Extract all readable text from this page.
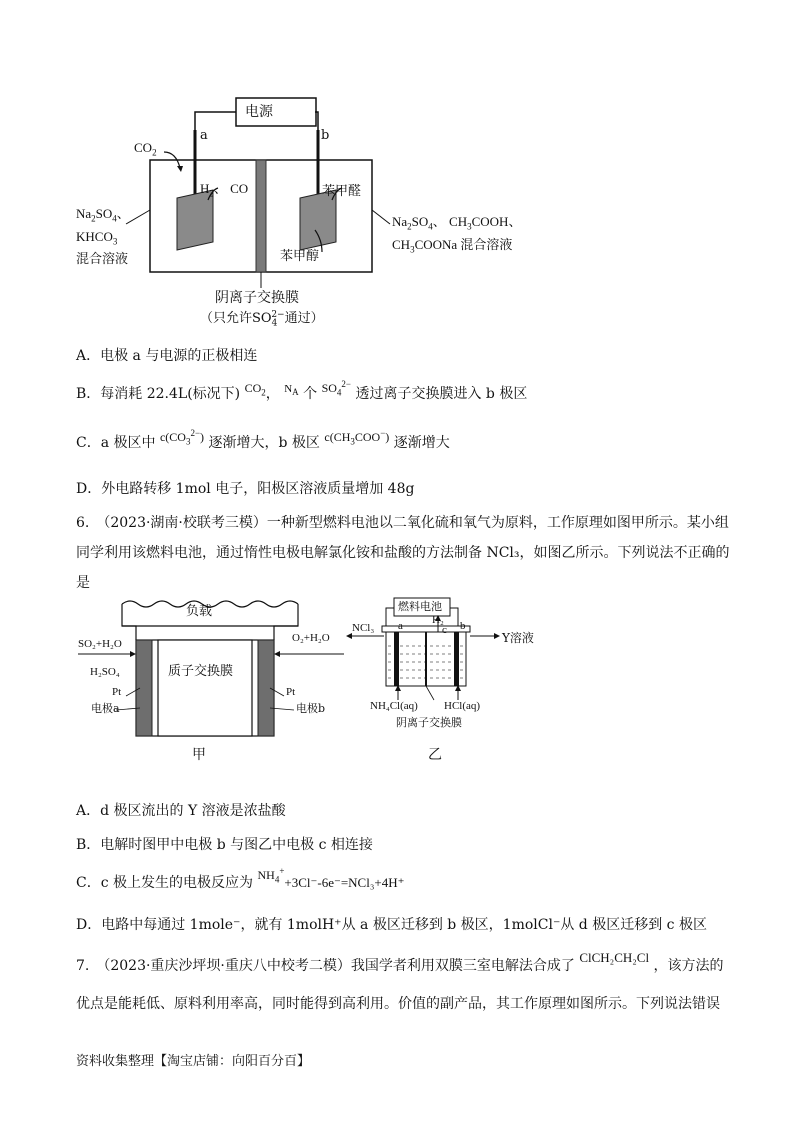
电源
a	b
$CO_2$
$H_2$、 CO	苯甲醛
苯甲醇
$Na_2SO_4$、
$KHCO_3$
混合溶液
$Na_2SO_4$、 $CH_3COOH$、
$CH_3COONa$ 混合溶液
阴离子交换膜
（只允许$SO_4^{2-}$通过）
A．电极 a 与电源的正极相连
B．每消耗 22.4L(标况下) $CO_2$， $^{N_A}$ 个 $SO_4^{2-}$ 透过离子交换膜进入 b 极区
C．a 极区中 $c(CO_3^{2-})$ 逐渐增大，b 极区 $c(CH_3COO^-)$ 逐渐增大
D．外电路转移 1mol 电子，阳极区溶液质量增加 48g
6.　（2023·湖南·校联考三模）一种新型燃料电池以二氧化硫和氧气为原料，工作原理如图甲所示。某小组
同学利用该燃料电池，通过惰性电极电解氯化铵和盐酸的方法制备 NCl₃，如图乙所示。下列说法不正确的
是
负载
SO₂+H₂O	O₂+H₂O
H₂SO₄	质子交换膜
Pt	Pt
电极a	电极b
甲
燃料电池
NCl₃ a	H₂
c b
Y溶液
NH₄Cl(aq) HCl(aq)
阴离子交换膜
乙
A．d 极区流出的 Y 溶液是浓盐酸
B．电解时图甲中电极 b 与图乙中电极 c 相连接
C．c 极上发生的电极反应为 $NH_4^++3Cl^--6e^-=NCl_3+4H^+$
D．电路中每通过 1mole⁻，就有 1molH⁺从 a 极区迁移到 b 极区，1molCl⁻从 d 极区迁移到 c 极区
7.　（2023·重庆沙坪坝·重庆八中校考二模）我国学者利用双膜三室电解法合成了 ClCH₂CH₂Cl ，该方法的
优点是能耗低、原料利用率高，同时能得到高利用。价值的副产品，其工作原理如图所示。下列说法错误
资料收集整理【淘宝店铺：向阳百分百】
